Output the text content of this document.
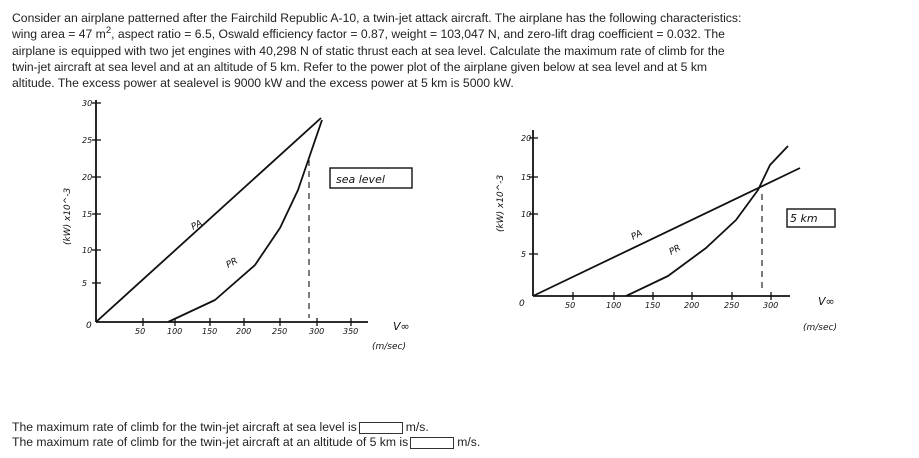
Consider an airplane patterned after the Fairchild Republic A-10, a twin-jet attack aircraft. The airplane has the following characteristics:

wing area = 47 $m^2$, aspect ratio = 6.5, Oswald efficiency factor = 0.87, weight = 103,047 N, and zero-lift drag coefficient = 0.032. The

airplane is equipped with two jet engines with 40,298 N of static thrust each at sea level. Calculate the maximum rate of climb for the

twin-jet aircraft at sea level and at an altitude of 5 km. Refer to the power plot of the airplane given below at sea level and at 5 km

altitude. The excess power at sealevel is 9000 kW and the excess power at 5 km is 5000 kW.

0
50	100 150 200	250	300 350
5
10
15
20
25
30
(kW) x10^-3
V∞
(m/sec)
PA
PR
sea level
0	50	100	150	200	250	300
5
10
15
20
(kW) x10^-3
V∞
(m/sec)
PA
PR
5 km
The maximum rate of climb for the twin-jet aircraft at sea level is	m/s.
The maximum rate of climb for the twin-jet aircraft at an altitude of 5 km is	m/s.
